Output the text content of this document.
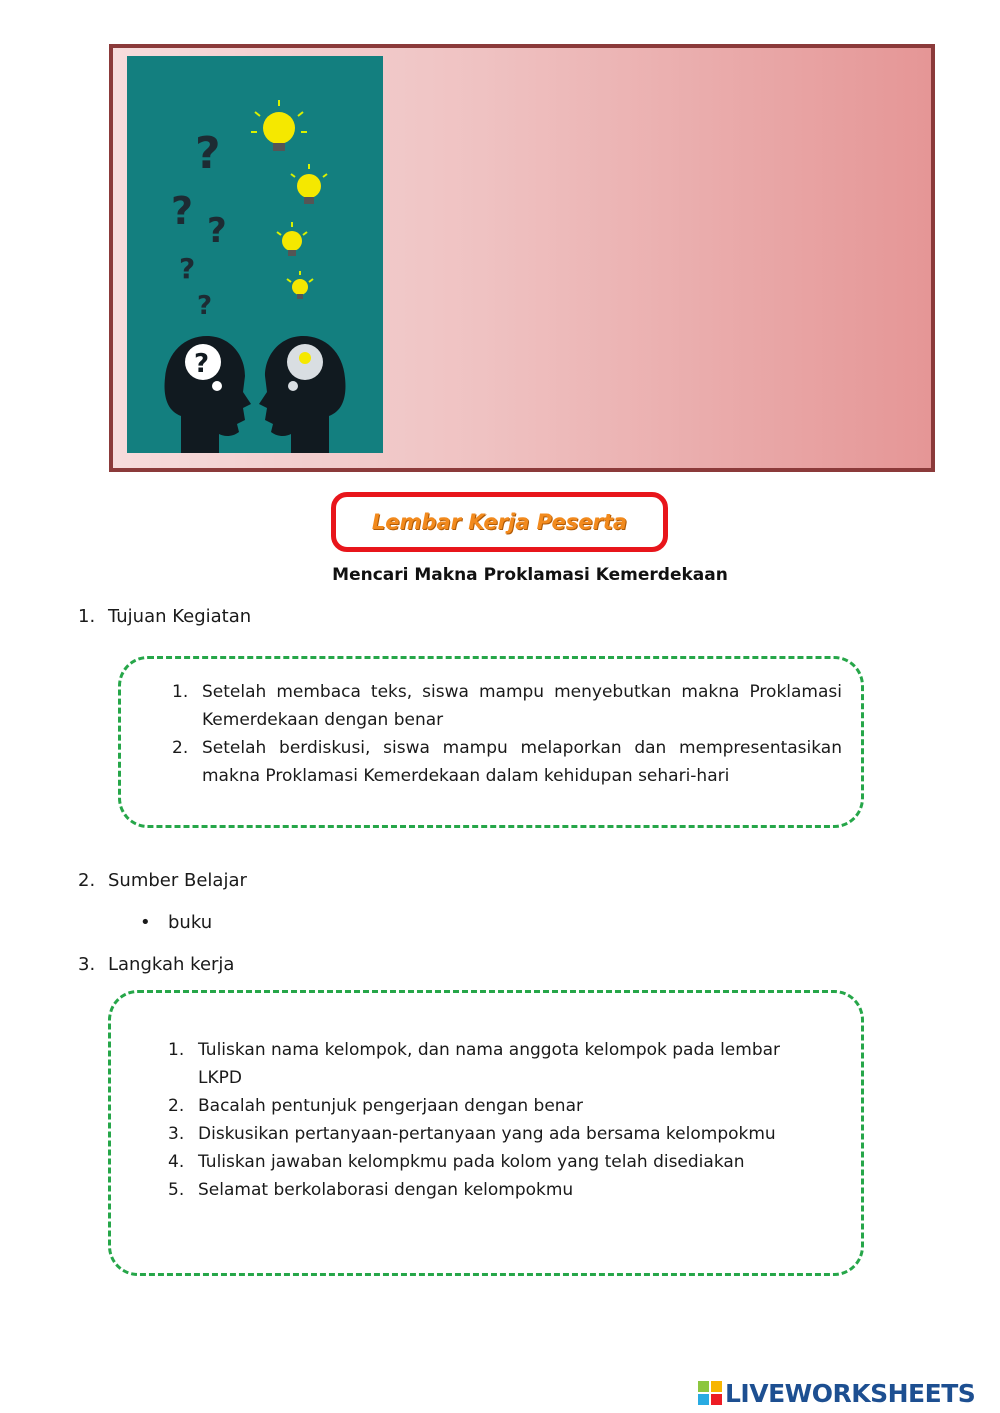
?
? ?
?
?
?
Lembar Kerja Peserta
Mencari Makna Proklamasi Kemerdekaan
1. Tujuan Kegiatan
1. Setelah membaca teks, siswa mampu menyebutkan makna Proklamasi Kemerdekaan dengan benar
2. Setelah berdiskusi, siswa mampu melaporkan dan mempresentasikan makna Proklamasi Kemerdekaan dalam kehidupan sehari-hari
2. Sumber Belajar
• buku
3. Langkah kerja
1. Tuliskan nama kelompok, dan nama anggota kelompok pada lembar LKPD
2. Bacalah pentunjuk pengerjaan dengan benar
3. Diskusikan pertanyaan-pertanyaan yang ada bersama kelompokmu
4. Tuliskan jawaban kelompkmu pada kolom yang telah disediakan
5. Selamat berkolaborasi dengan kelompokmu
LIVEWORKSHEETS
